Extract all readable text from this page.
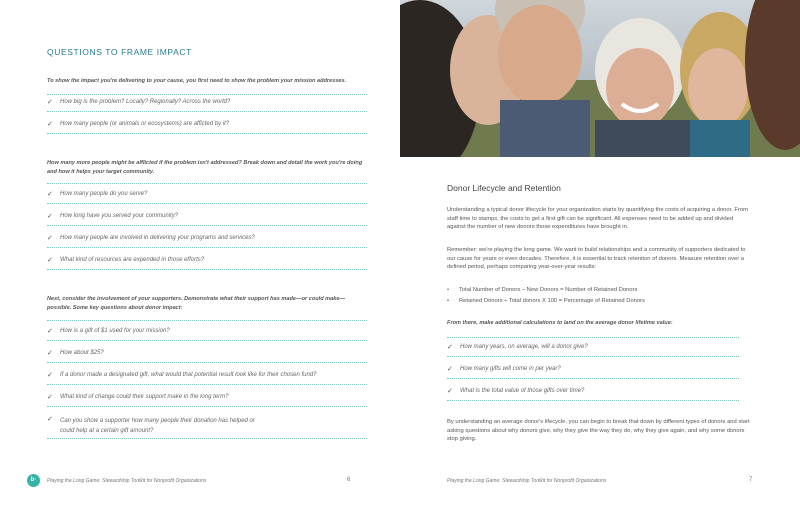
QUESTIONS TO FRAME IMPACT

To show the impact you're delivering to your cause, you first need to show the problem your mission addresses.

✓ How big is the problem? Locally? Regionally? Across the world?
✓ How many people (or animals or ecosystems) are afficted by it?

How many more people might be afflicted if the problem isn't addressed? Break down and detail the work you're doing and how it helps your target community.

✓ How many people do you serve?
✓ How long have you served your community?
✓ How many people are involved in delivering your programs and services?
✓ What kind of resources are expended in those efforts?

Next, consider the involvement of your supporters. Demonstrate what their support has made—or could make—possible. Some key questions about donor impact:

✓ How is a gift of $1 used for your mission?
✓ How about $25?
✓ If a donor made a designated gift, what would that potential result look like for their chosen fund?
✓ What kind of change could their support make in the long term?
✓ Can you show a supporter how many people their donation has helped or could help at a certain gift amount?
b·	Playing the Long Game: Stewardship Toolkit for Nonprofit Organizations	6
Donor Lifecycle and Retention

Understanding a typical donor lifecycle for your organization starts by quantifying the costs of acquiring a donor. From staff time to stamps, the costs to get a first gift can be significant. All expenses need to be added up and divided against the number of new donors those expenditures have brought in.

Remember: we're playing the long game. We want to build relationships and a community of supporters dedicated to our cause for years or even decades. Therefore, it is essential to track retention of donors. Measure retention over a defined period, perhaps comparing year-over-year results:

• Total Number of Donors – New Donors = Number of Retained Donors
• Retained Donors ÷ Total donors X 100 = Percentage of Retained Donors

From there, make additional calculations to land on the average donor lifetime value:

✓ How many years, on average, will a donor give?
✓ How many gifts will come in per year?
✓ What is the total value of those gifts over time?

By understanding an average donor's lifecycle, you can begin to break that down by different types of donors and start asking questions about why donors give, why they give the way they do, why they give again, and why some donors stop giving.

Playing the Long Game: Stewardship Toolkit for Nonprofit Organizations	7
